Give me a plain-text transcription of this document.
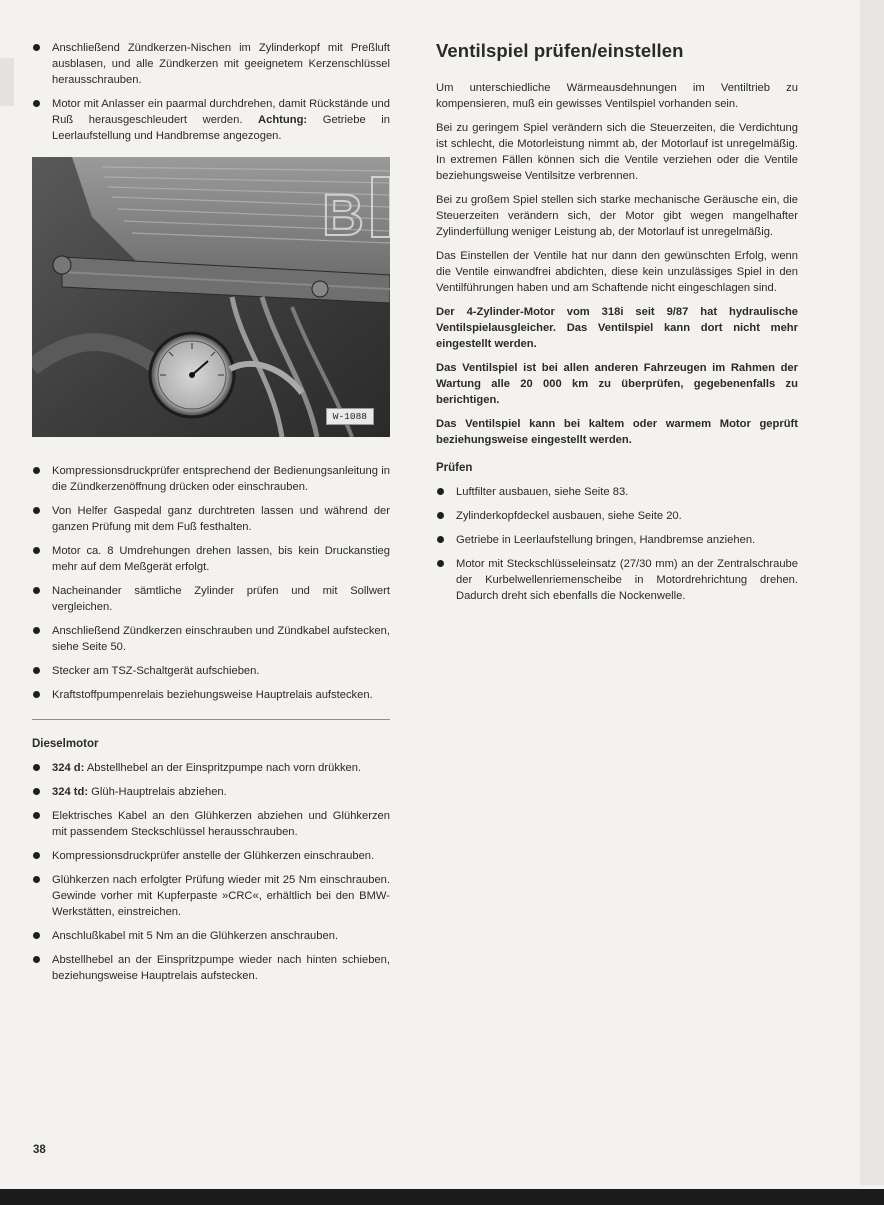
Anschließend Zündkerzen-Nischen im Zylinderkopf mit Preßluft ausblasen, und alle Zündkerzen mit geeignetem Kerzenschlüssel herausschrauben.
Motor mit Anlasser ein paarmal durchdrehen, damit Rückstände und Ruß herausgeschleudert werden. Achtung: Getriebe in Leerlaufstellung und Handbremse angezogen.
B
W-1088
Kompressionsdruckprüfer entsprechend der Bedienungsanleitung in die Zündkerzenöffnung drücken oder einschrauben.
Von Helfer Gaspedal ganz durchtreten lassen und während der ganzen Prüfung mit dem Fuß festhalten.
Motor ca. 8 Umdrehungen drehen lassen, bis kein Druckanstieg mehr auf dem Meßgerät erfolgt.
Nacheinander sämtliche Zylinder prüfen und mit Sollwert vergleichen.
Anschließend Zündkerzen einschrauben und Zündkabel aufstecken, siehe Seite 50.
Stecker am TSZ-Schaltgerät aufschieben.
Kraftstoffpumpenrelais beziehungsweise Hauptrelais aufstecken.
Dieselmotor
324 d: Abstellhebel an der Einspritzpumpe nach vorn drükken.
324 td: Glüh-Hauptrelais abziehen.
Elektrisches Kabel an den Glühkerzen abziehen und Glühkerzen mit passendem Steckschlüssel herausschrauben.
Kompressionsdruckprüfer anstelle der Glühkerzen einschrauben.
Glühkerzen nach erfolgter Prüfung wieder mit 25 Nm einschrauben. Gewinde vorher mit Kupferpaste »CRC«, erhältlich bei den BMW-Werkstätten, einstreichen.
Anschlußkabel mit 5 Nm an die Glühkerzen anschrauben.
Abstellhebel an der Einspritzpumpe wieder nach hinten schieben, beziehungsweise Hauptrelais aufstecken.
Ventilspiel prüfen/einstellen

Um unterschiedliche Wärmeausdehnungen im Ventiltrieb zu kompensieren, muß ein gewisses Ventilspiel vorhanden sein.

Bei zu geringem Spiel verändern sich die Steuerzeiten, die Verdichtung ist schlecht, die Motorleistung nimmt ab, der Motorlauf ist unregelmäßig. In extremen Fällen können sich die Ventile verziehen oder die Ventile beziehungsweise Ventilsitze verbrennen.

Bei zu großem Spiel stellen sich starke mechanische Geräusche ein, die Steuerzeiten verändern sich, der Motor gibt wegen mangelhafter Zylinderfüllung weniger Leistung ab, der Motorlauf ist unregelmäßig.

Das Einstellen der Ventile hat nur dann den gewünschten Erfolg, wenn die Ventile einwandfrei abdichten, diese kein unzulässiges Spiel in den Ventilführungen haben und am Schaftende nicht eingeschlagen sind.

Der 4-Zylinder-Motor vom 318i seit 9/87 hat hydraulische Ventilspielausgleicher. Das Ventilspiel kann dort nicht mehr eingestellt werden.

Das Ventilspiel ist bei allen anderen Fahrzeugen im Rahmen der Wartung alle 20 000 km zu überprüfen, gegebenenfalls zu berichtigen.

Das Ventilspiel kann bei kaltem oder warmem Motor geprüft beziehungsweise eingestellt werden.

Prüfen
Luftfilter ausbauen, siehe Seite 83.
Zylinderkopfdeckel ausbauen, siehe Seite 20.
Getriebe in Leerlaufstellung bringen, Handbremse anziehen.
Motor mit Steckschlüsseleinsatz (27/30 mm) an der Zentralschraube der Kurbelwellenriemenscheibe in Motordrehrichtung drehen. Dadurch dreht sich ebenfalls die Nockenwelle.
38
